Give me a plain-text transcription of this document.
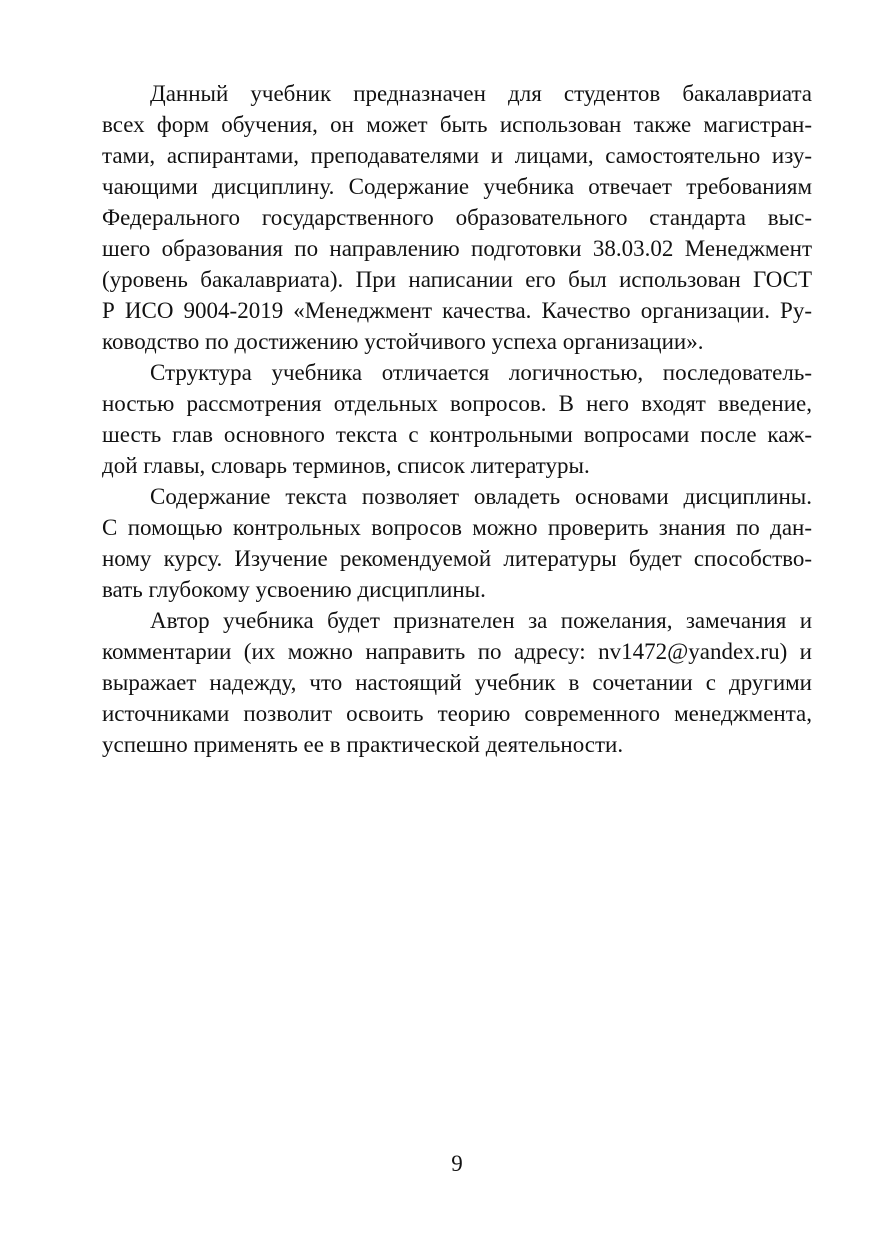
Данный учебник предназначен для студентов бакалавриата
всех форм обучения, он может быть использован также магистран-
тами, аспирантами, преподавателями и лицами, самостоятельно изу-
чающими дисциплину. Содержание учебника отвечает требованиям
Федерального государственного образовательного стандарта выс-
шего образования по направлению подготовки 38.03.02 Менеджмент
(уровень бакалавриата). При написании его был использован ГОСТ
Р ИСО 9004-2019 «Менеджмент качества. Качество организации. Ру-
ководство по достижению устойчивого успеха организации».
Структура учебника отличается логичностью, последователь-
ностью рассмотрения отдельных вопросов. В него входят введение,
шесть глав основного текста с контрольными вопросами после каж-
дой главы, словарь терминов, список литературы.
Содержание текста позволяет овладеть основами дисциплины.
С помощью контрольных вопросов можно проверить знания по дан-
ному курсу. Изучение рекомендуемой литературы будет способство-
вать глубокому усвоению дисциплины.
Автор учебника будет признателен за пожелания, замечания и
комментарии (их можно направить по адресу: nv1472@yandex.ru) и
выражает надежду, что настоящий учебник в сочетании с другими
источниками позволит освоить теорию современного менеджмента,
успешно применять ее в практической деятельности.
9
